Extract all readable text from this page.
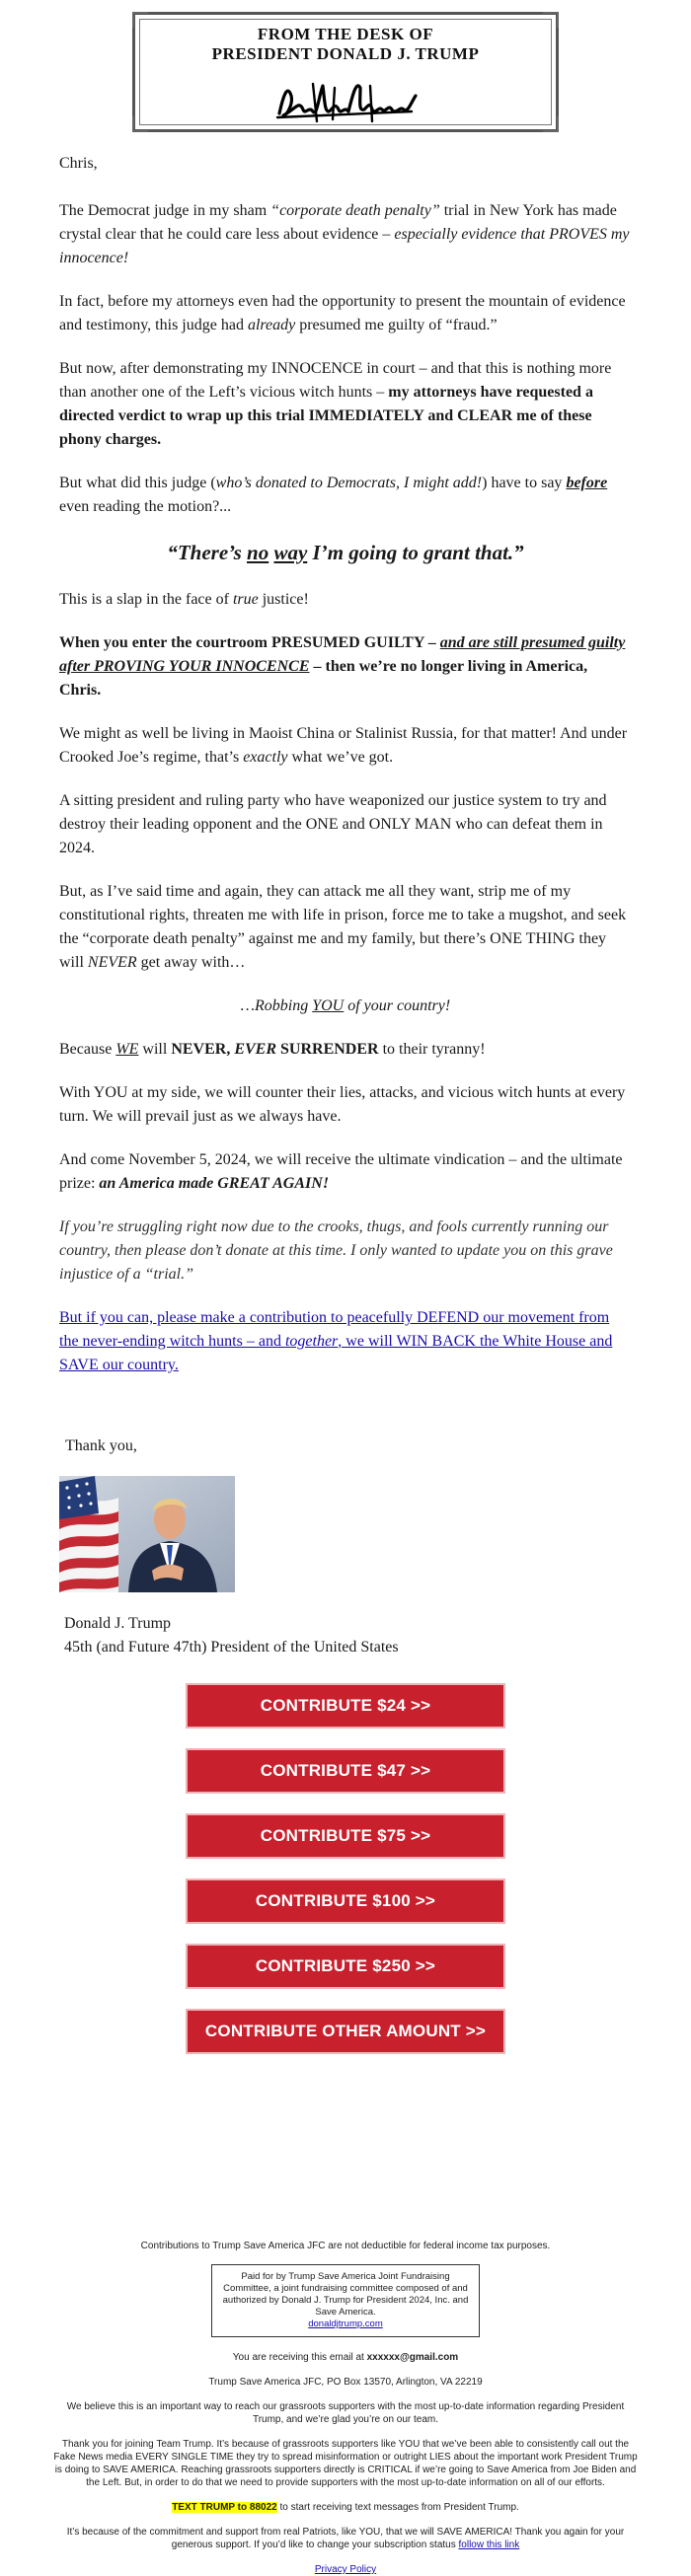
FROM THE DESK OF
PRESIDENT DONALD J. TRUMP

Chris,

The Democrat judge in my sham “corporate death penalty” trial in New York has made crystal clear that he could care less about evidence – especially evidence that PROVES my innocence!

In fact, before my attorneys even had the opportunity to present the mountain of evidence and testimony, this judge had already presumed me guilty of “fraud.”

But now, after demonstrating my INNOCENCE in court – and that this is nothing more than another one of the Left’s vicious witch hunts – my attorneys have requested a directed verdict to wrap up this trial IMMEDIATELY and CLEAR me of these phony charges.

But what did this judge (who’s donated to Democrats, I might add!) have to say before even reading the motion?...

“There’s no way I’m going to grant that.”

This is a slap in the face of true justice!

When you enter the courtroom PRESUMED GUILTY – and are still presumed guilty after PROVING YOUR INNOCENCE – then we’re no longer living in America, Chris.

We might as well be living in Maoist China or Stalinist Russia, for that matter! And under Crooked Joe’s regime, that’s exactly what we’ve got.

A sitting president and ruling party who have weaponized our justice system to try and destroy their leading opponent and the ONE and ONLY MAN who can defeat them in 2024.

But, as I’ve said time and again, they can attack me all they want, strip me of my constitutional rights, threaten me with life in prison, force me to take a mugshot, and seek the “corporate death penalty” against me and my family, but there’s ONE THING they will NEVER get away with…

…Robbing YOU of your country!

Because WE will NEVER, EVER SURRENDER to their tyranny!

With YOU at my side, we will counter their lies, attacks, and vicious witch hunts at every turn. We will prevail just as we always have.

And come November 5, 2024, we will receive the ultimate vindication – and the ultimate prize: an America made GREAT AGAIN!

If you’re struggling right now due to the crooks, thugs, and fools currently running our country, then please don’t donate at this time. I only wanted to update you on this grave injustice of a “trial.”

But if you can, please make a contribution to peacefully DEFEND our movement from the never-ending witch hunts – and together, we will WIN BACK the White House and SAVE our country.

Thank you,
Donald J. Trump
45th (and Future 47th) President of the United States
CONTRIBUTE $24 >>
CONTRIBUTE $47 >>
CONTRIBUTE $75 >>
CONTRIBUTE $100 >>
CONTRIBUTE $250 >>
CONTRIBUTE OTHER AMOUNT >>

Contributions to Trump Save America JFC are not deductible for federal income tax purposes.

Paid for by Trump Save America Joint Fundraising Committee, a joint fundraising committee composed of and authorized by Donald J. Trump for President 2024, Inc. and Save America.
donaldjtrump.com

You are receiving this email at xxxxxx@gmail.com

Trump Save America JFC, PO Box 13570, Arlington, VA 22219

We believe this is an important way to reach our grassroots supporters with the most up-to-date information regarding President Trump, and we’re glad you’re on our team.

Thank you for joining Team Trump. It’s because of grassroots supporters like YOU that we’ve been able to consistently call out the Fake News media EVERY SINGLE TIME they try to spread misinformation or outright LIES about the important work President Trump is doing to SAVE AMERICA. Reaching grassroots supporters directly is CRITICAL if we’re going to Save America from Joe Biden and the Left. But, in order to do that we need to provide supporters with the most up-to-date information on all of our efforts.

TEXT TRUMP to 88022 to start receiving text messages from President Trump.

It’s because of the commitment and support from real Patriots, like YOU, that we will SAVE AMERICA! Thank you again for your generous support. If you’d like to change your subscription status follow this link

Privacy Policy
